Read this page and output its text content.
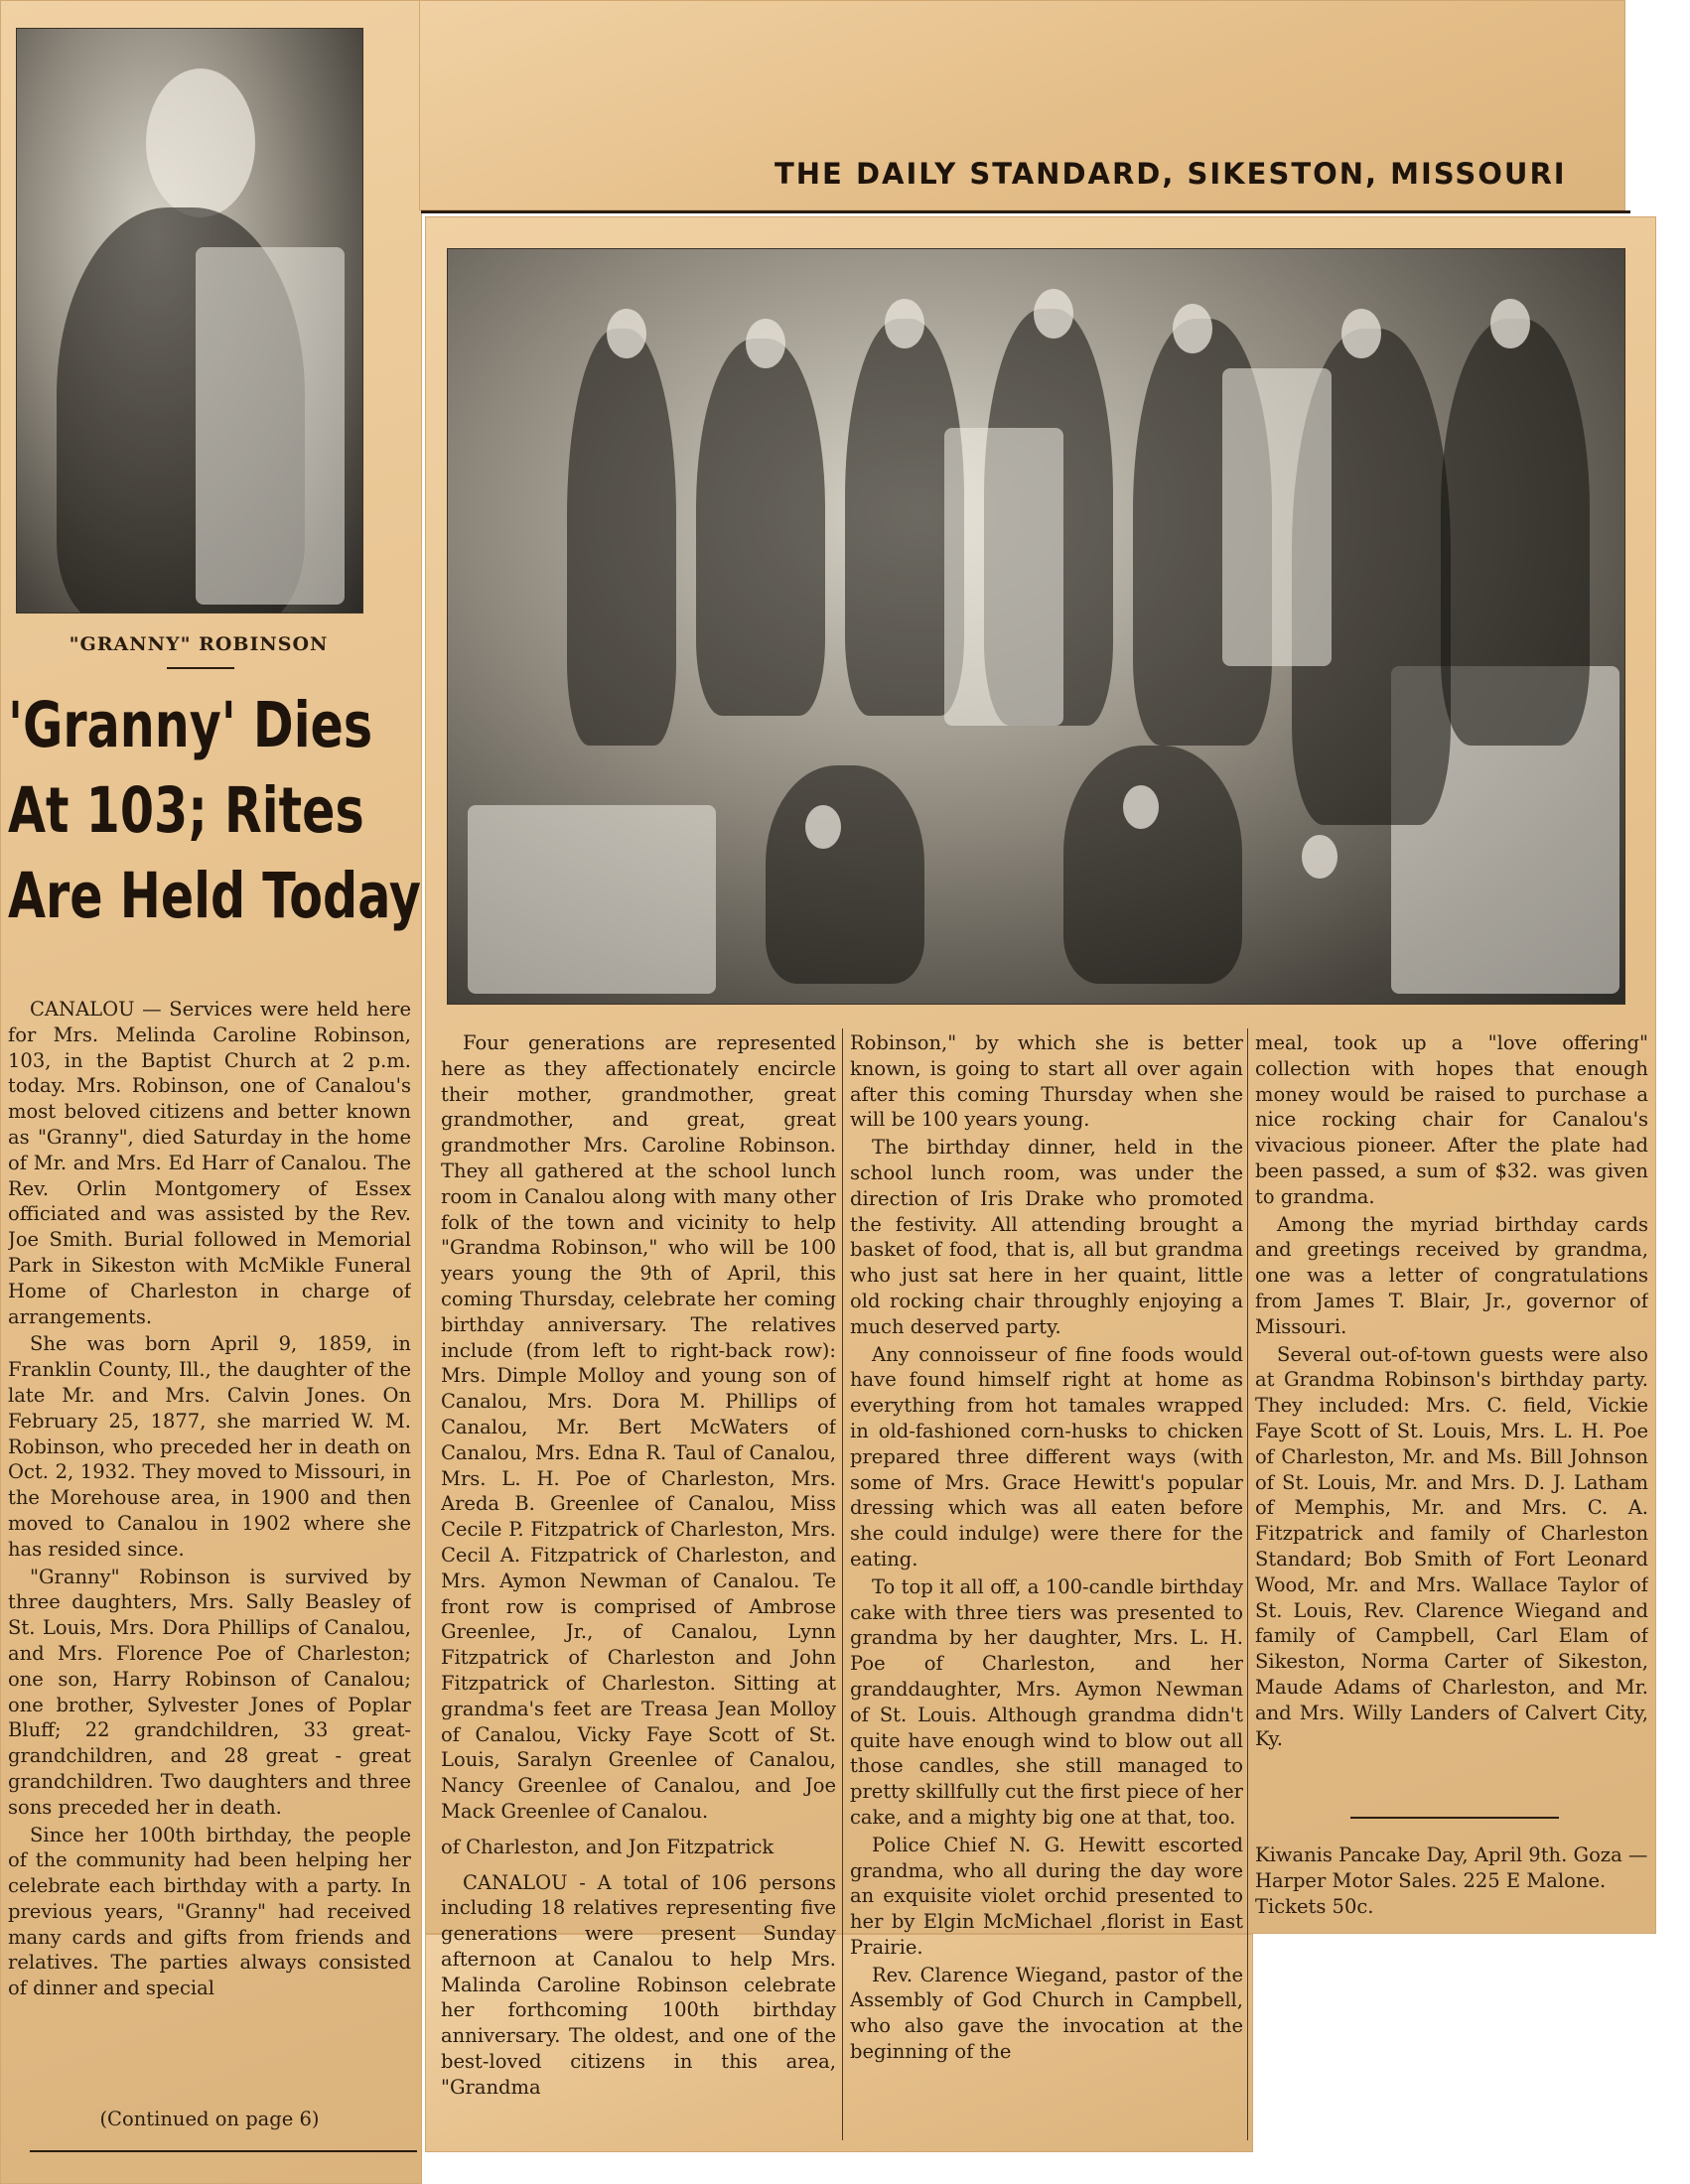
"GRANNY" ROBINSON
'Granny' Dies
At 103; Rites
Are Held Today

CANALOU — Services were held here for Mrs. Melinda Caroline Robinson, 103, in the Baptist Church at 2 p.m. today. Mrs. Robinson, one of Canalou's most beloved citizens and better known as "Granny", died Saturday in the home of Mr. and Mrs. Ed Harr of Canalou. The Rev. Orlin Montgomery of Essex officiated and was assisted by the Rev. Joe Smith. Burial followed in Memorial Park in Sikeston with McMikle Funeral Home of Charleston in charge of arrangements.

She was born April 9, 1859, in Franklin County, Ill., the daughter of the late Mr. and Mrs. Calvin Jones. On February 25, 1877, she married W. M. Robinson, who preceded her in death on Oct. 2, 1932. They moved to Missouri, in the Morehouse area, in 1900 and then moved to Canalou in 1902 where she has resided since.

"Granny" Robinson is survived by three daughters, Mrs. Sally Beasley of St. Louis, Mrs. Dora Phillips of Canalou, and Mrs. Florence Poe of Charleston; one son, Harry Robinson of Canalou; one brother, Sylvester Jones of Poplar Bluff; 22 grandchildren, 33 great-grandchildren, and 28 great - great grandchildren. Two daughters and three sons preceded her in death.

Since her 100th birthday, the people of the community had been helping her celebrate each birthday with a party. In previous years, "Granny" had received many cards and gifts from friends and relatives. The parties always consisted of dinner and special

(Continued on page 6)
THE DAILY STANDARD, SIKESTON, MISSOURI

Four generations are represented here as they affectionately encircle their mother, grandmother, great grandmother, and great, great grandmother Mrs. Caroline Robinson. They all gathered at the school lunch room in Canalou along with many other folk of the town and vicinity to help "Grandma Robinson," who will be 100 years young the 9th of April, this coming Thursday, celebrate her coming birthday anniversary. The relatives include (from left to right-back row): Mrs. Dimple Molloy and young son of Canalou, Mrs. Dora M. Phillips of Canalou, Mr. Bert McWaters of Canalou, Mrs. Edna R. Taul of Canalou, Mrs. L. H. Poe of Charleston, Mrs. Areda B. Greenlee of Canalou, Miss Cecile P. Fitzpatrick of Charleston, Mrs. Cecil A. Fitzpatrick of Charleston, and Mrs. Aymon Newman of Canalou. Te front row is comprised of Ambrose Greenlee, Jr., of Canalou, Lynn Fitzpatrick of Charleston and John Fitzpatrick of Charleston. Sitting at grandma's feet are Treasa Jean Molloy of Canalou, Vicky Faye Scott of St. Louis, Saralyn Greenlee of Canalou, Nancy Greenlee of Canalou, and Joe Mack Greenlee of Canalou.

of Charleston, and Jon Fitzpatrick

CANALOU - A total of 106 persons including 18 relatives representing five generations were present Sunday afternoon at Canalou to help Mrs. Malinda Caroline Robinson celebrate her forthcoming 100th birthday anniversary. The oldest, and one of the best-loved citizens in this area, "Grandma

Robinson," by which she is better known, is going to start all over again after this coming Thursday when she will be 100 years young.

The birthday dinner, held in the school lunch room, was under the direction of Iris Drake who promoted the festivity. All attending brought a basket of food, that is, all but grandma who just sat here in her quaint, little old rocking chair throughly enjoying a much deserved party.

Any connoisseur of fine foods would have found himself right at home as everything from hot tamales wrapped in old-fashioned corn-husks to chicken prepared three different ways (with some of Mrs. Grace Hewitt's popular dressing which was all eaten before she could indulge) were there for the eating.

To top it all off, a 100-candle birthday cake with three tiers was presented to grandma by her daughter, Mrs. L. H. Poe of Charleston, and her granddaughter, Mrs. Aymon Newman of St. Louis. Although grandma didn't quite have enough wind to blow out all those candles, she still managed to pretty skillfully cut the first piece of her cake, and a mighty big one at that, too.

Police Chief N. G. Hewitt escorted grandma, who all during the day wore an exquisite violet orchid presented to her by Elgin McMichael ,florist in East Prairie.

Rev. Clarence Wiegand, pastor of the Assembly of God Church in Campbell, who also gave the invocation at the beginning of the

meal, took up a "love offering" collection with hopes that enough money would be raised to purchase a nice rocking chair for Canalou's vivacious pioneer. After the plate had been passed, a sum of $32. was given to grandma.

Among the myriad birthday cards and greetings received by grandma, one was a letter of congratulations from James T. Blair, Jr., governor of Missouri.

Several out-of-town guests were also at Grandma Robinson's birthday party. They included: Mrs. C. field, Vickie Faye Scott of St. Louis, Mrs. L. H. Poe of Charleston, Mr. and Ms. Bill Johnson of St. Louis, Mr. and Mrs. D. J. Latham of Memphis, Mr. and Mrs. C. A. Fitzpatrick and family of Charleston Standard; Bob Smith of Fort Leonard Wood, Mr. and Mrs. Wallace Taylor of St. Louis, Rev. Clarence Wiegand and family of Campbell, Carl Elam of Sikeston, Norma Carter of Sikeston, Maude Adams of Charleston, and Mr. and Mrs. Willy Landers of Calvert City, Ky.

Kiwanis Pancake Day, April 9th. Goza — Harper Motor Sales. 225 E Malone. Tickets 50c.
